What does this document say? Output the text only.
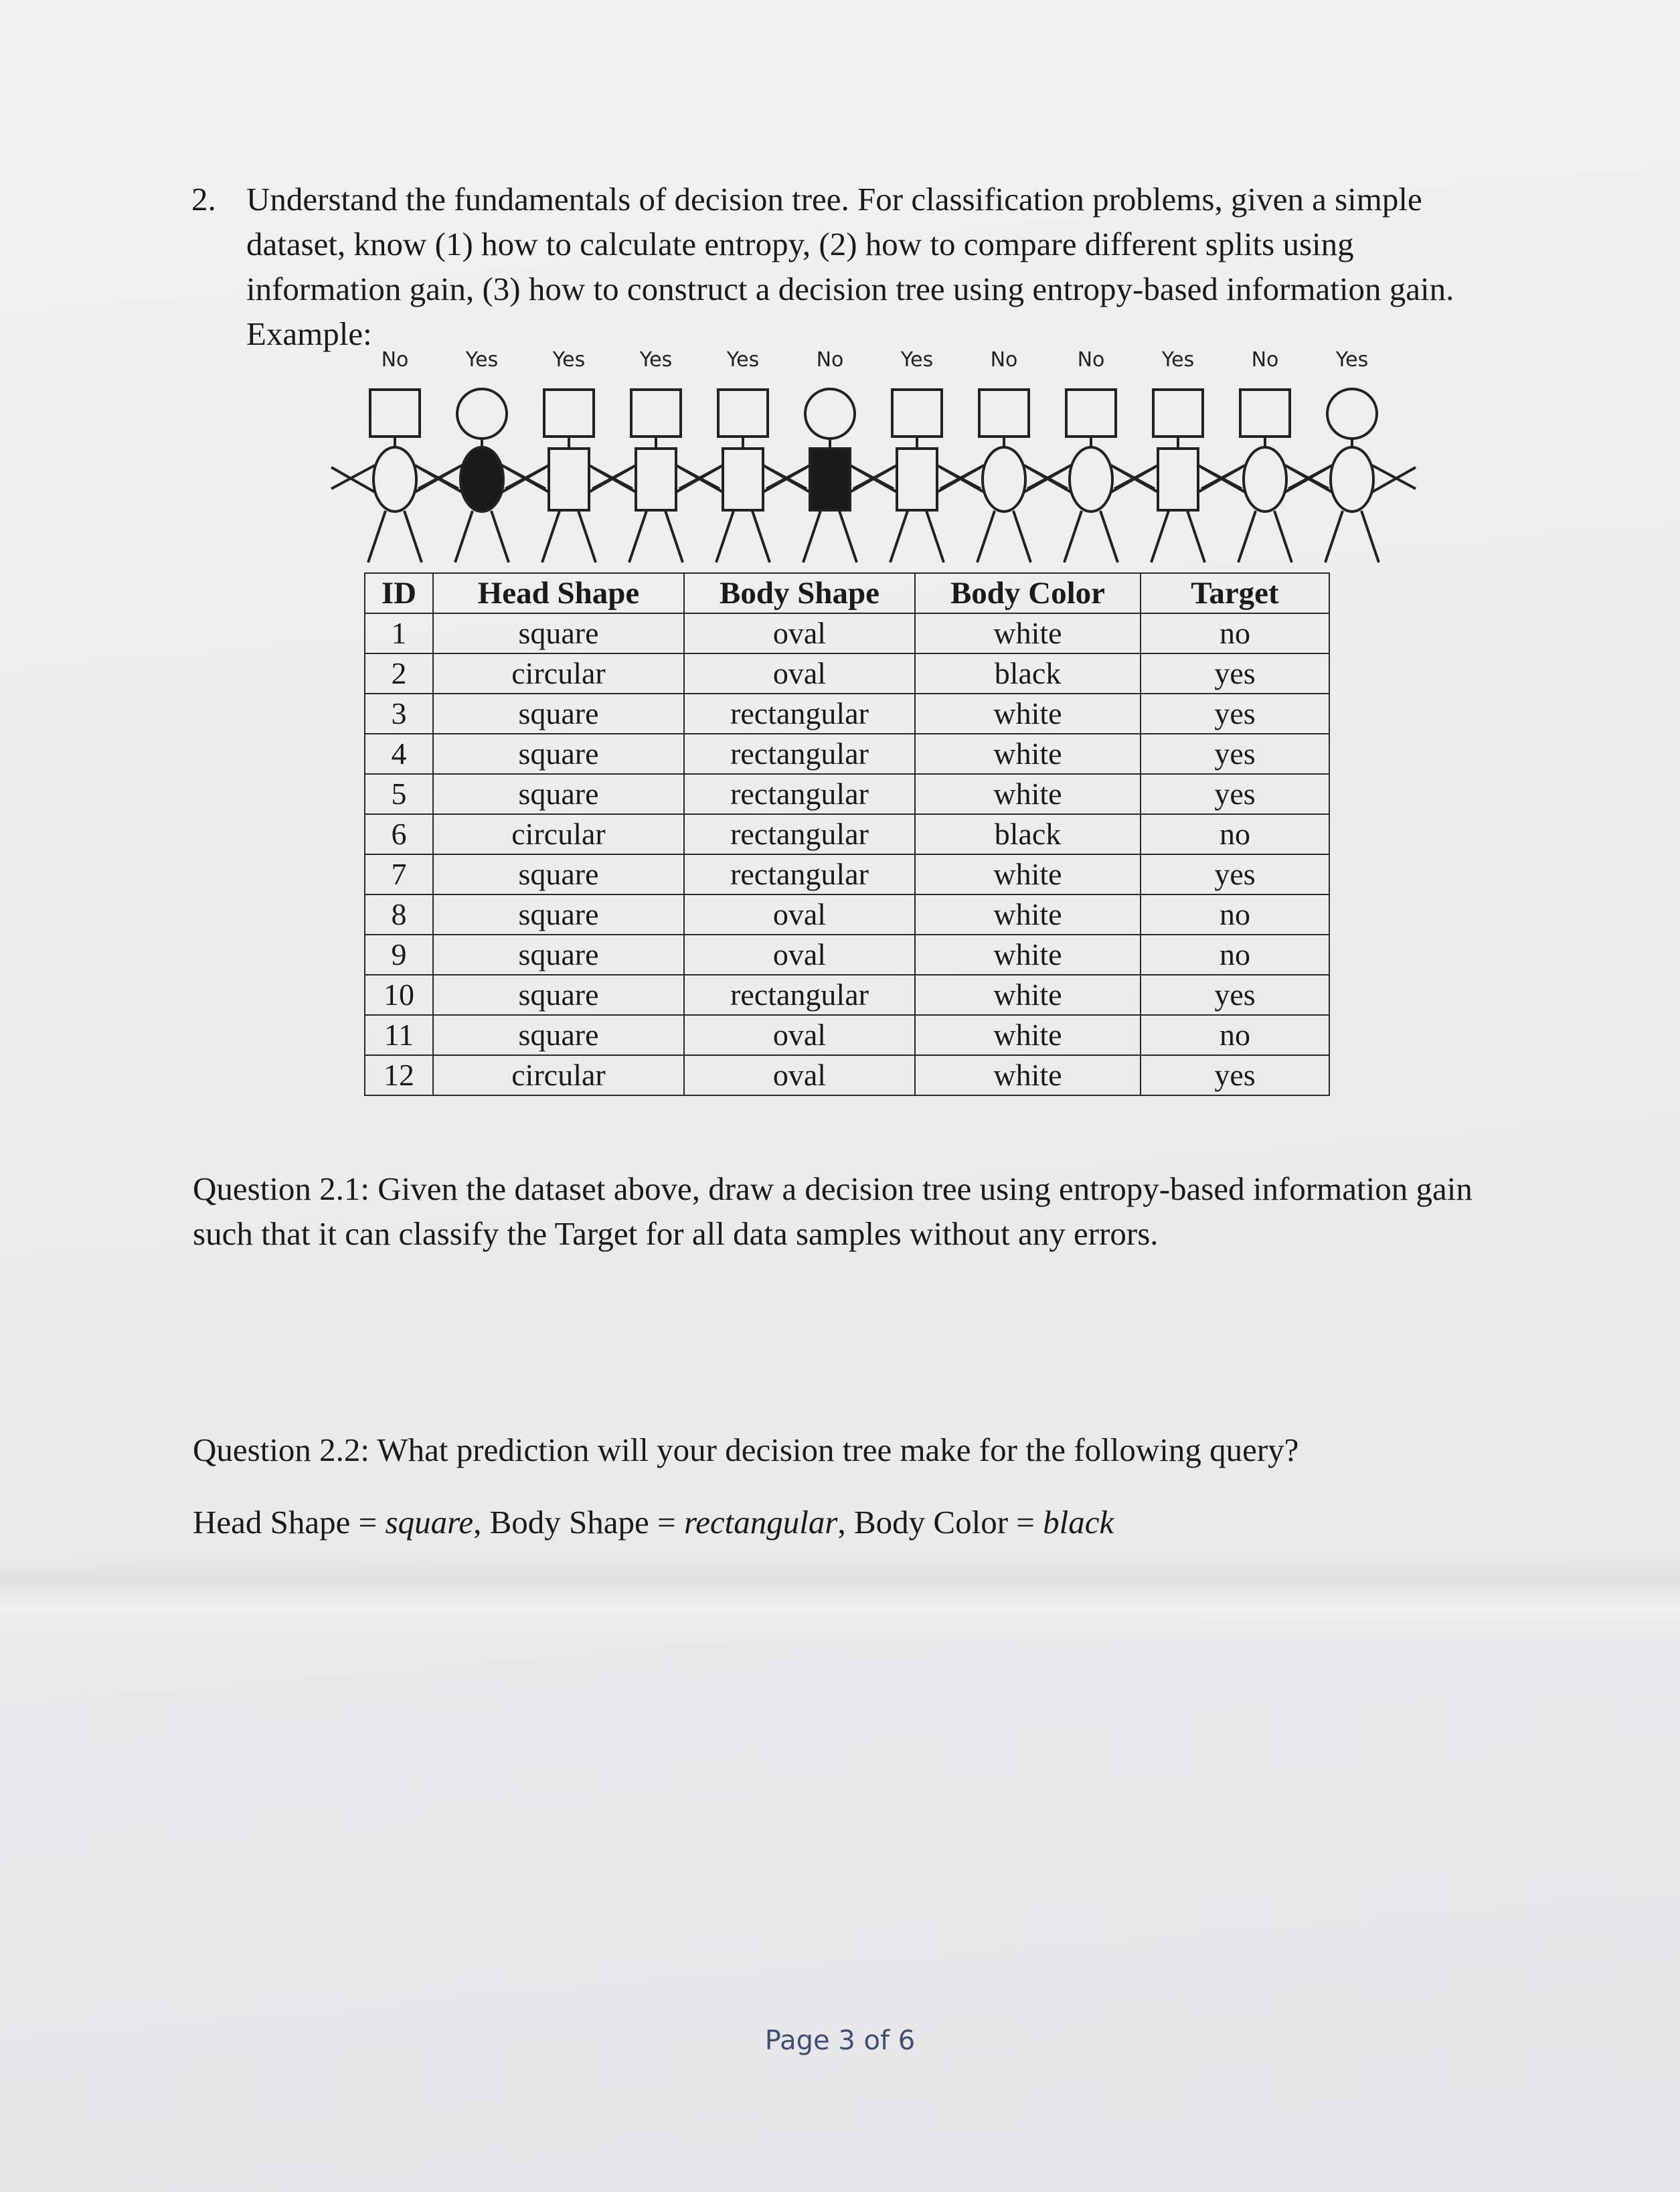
2. Understand the fundamentals of decision tree. For classification problems, given a simple dataset, know (1) how to calculate entropy, (2) how to compare different splits using information gain, (3) how to construct a decision tree using entropy-based information gain. Example:
No	Yes	Yes	Yes	Yes	No	Yes	No	No	Yes	No	Yes
ID	Head Shape	Body Shape	Body Color	Target
1	square	oval	white	no
2	circular	oval	black	yes
3	square	rectangular	white	yes
4	square	rectangular	white	yes
5	square	rectangular	white	yes
6	circular	rectangular	black	no
7	square	rectangular	white	yes
8	square	oval	white	no
9	square	oval	white	no
10	square	rectangular	white	yes
11	square	oval	white	no
12	circular	oval	white	yes
Question 2.1: Given the dataset above, draw a decision tree using entropy-based information gain such that it can classify the Target for all data samples without any errors.
Question 2.2: What prediction will your decision tree make for the following query?
Head Shape = square, Body Shape = rectangular, Body Color = black
Page 3 of 6
